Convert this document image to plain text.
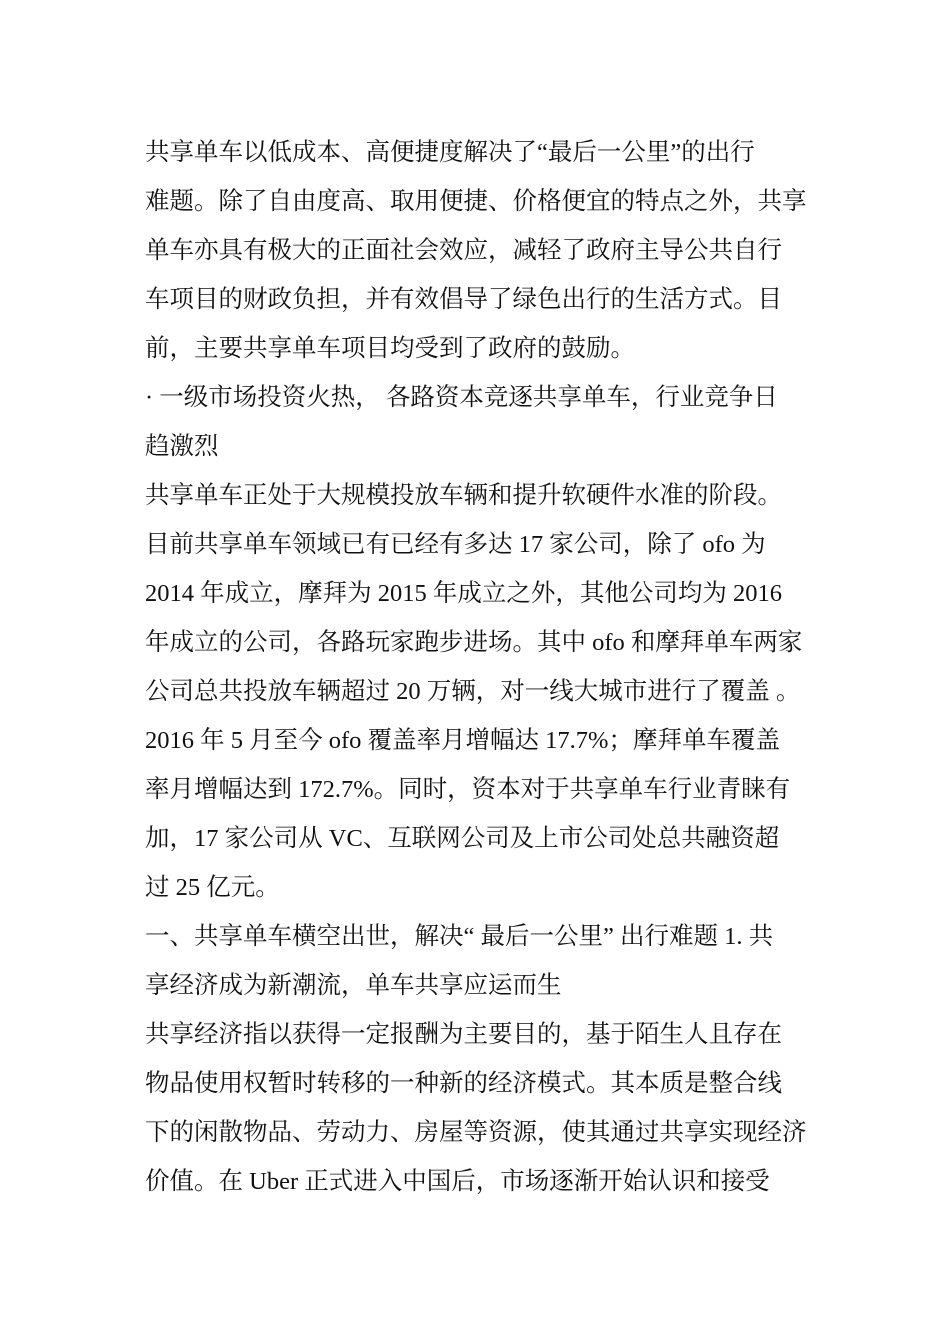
共享单车以低成本、高便捷度解决了“最后一公里”的出行
难题。除了自由度高、取用便捷、价格便宜的特点之外，共享
单车亦具有极大的正面社会效应，减轻了政府主导公共自行
车项目的财政负担，并有效倡导了绿色出行的生活方式。目
前，主要共享单车项目均受到了政府的鼓励。
· 一级市场投资火热， 各路资本竞逐共享单车，行业竞争日
趋激烈
共享单车正处于大规模投放车辆和提升软硬件水准的阶段。
目前共享单车领域已有已经有多达 17 家公司，除了 ofo 为
2014 年成立，摩拜为 2015 年成立之外，其他公司均为 2016
年成立的公司，各路玩家跑步进场。其中 ofo 和摩拜单车两家
公司总共投放车辆超过 20 万辆，对一线大城市进行了覆盖 。
2016 年 5 月至今 ofo 覆盖率月增幅达 17.7%；摩拜单车覆盖
率月增幅达到 172.7%。同时，资本对于共享单车行业青睐有
加，17 家公司从 VC、互联网公司及上市公司处总共融资超
过 25 亿元。
一、共享单车横空出世，解决“ 最后一公里” 出行难题 1. 共
享经济成为新潮流，单车共享应运而生
共享经济指以获得一定报酬为主要目的，基于陌生人且存在
物品使用权暂时转移的一种新的经济模式。其本质是整合线
下的闲散物品、劳动力、房屋等资源，使其通过共享实现经济
价值。在 Uber 正式进入中国后，市场逐渐开始认识和接受
